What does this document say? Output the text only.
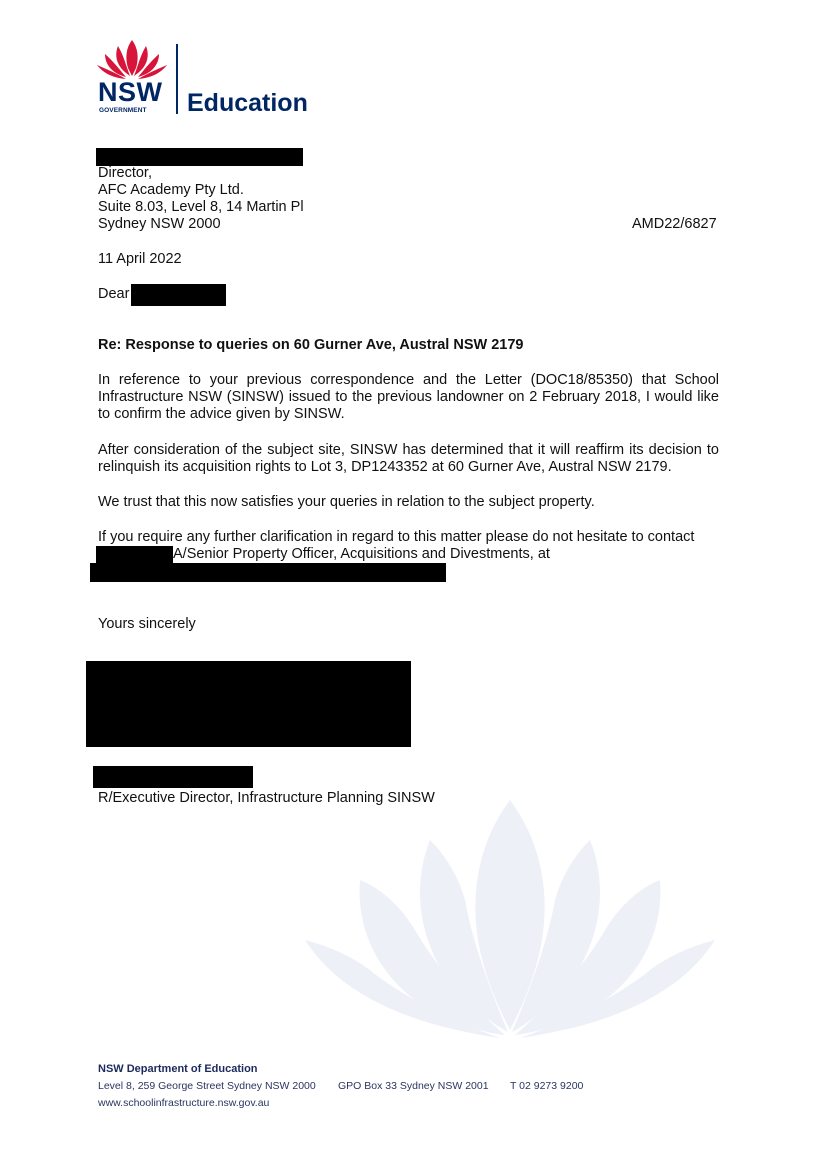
NSW
GOVERNMENT Education
Director,
AFC Academy Pty Ltd.
Suite 8.03, Level 8, 14 Martin Pl
Sydney NSW 2000	AMD22/6827
11 April 2022
Dear
Re: Response to queries on 60 Gurner Ave, Austral NSW 2179
In reference to your previous correspondence and the Letter (DOC18/85350) that School Infrastructure NSW (SINSW) issued to the previous landowner on 2 February 2018, I would like to confirm the advice given by SINSW.
After consideration of the subject site, SINSW has determined that it will reaffirm its decision to relinquish its acquisition rights to Lot 3, DP1243352 at 60 Gurner Ave, Austral NSW 2179.
We trust that this now satisfies your queries in relation to the subject property.
If you require any further clarification in regard to this matter please do not hesitate to contact
A/Senior Property Officer, Acquisitions and Divestments, at
Yours sincerely
R/Executive Director, Infrastructure Planning SINSW
NSW Department of Education
Level 8, 259 George Street Sydney NSW 2000 GPO Box 33 Sydney NSW 2001 T 02 9273 9200
www.schoolinfrastructure.nsw.gov.au
